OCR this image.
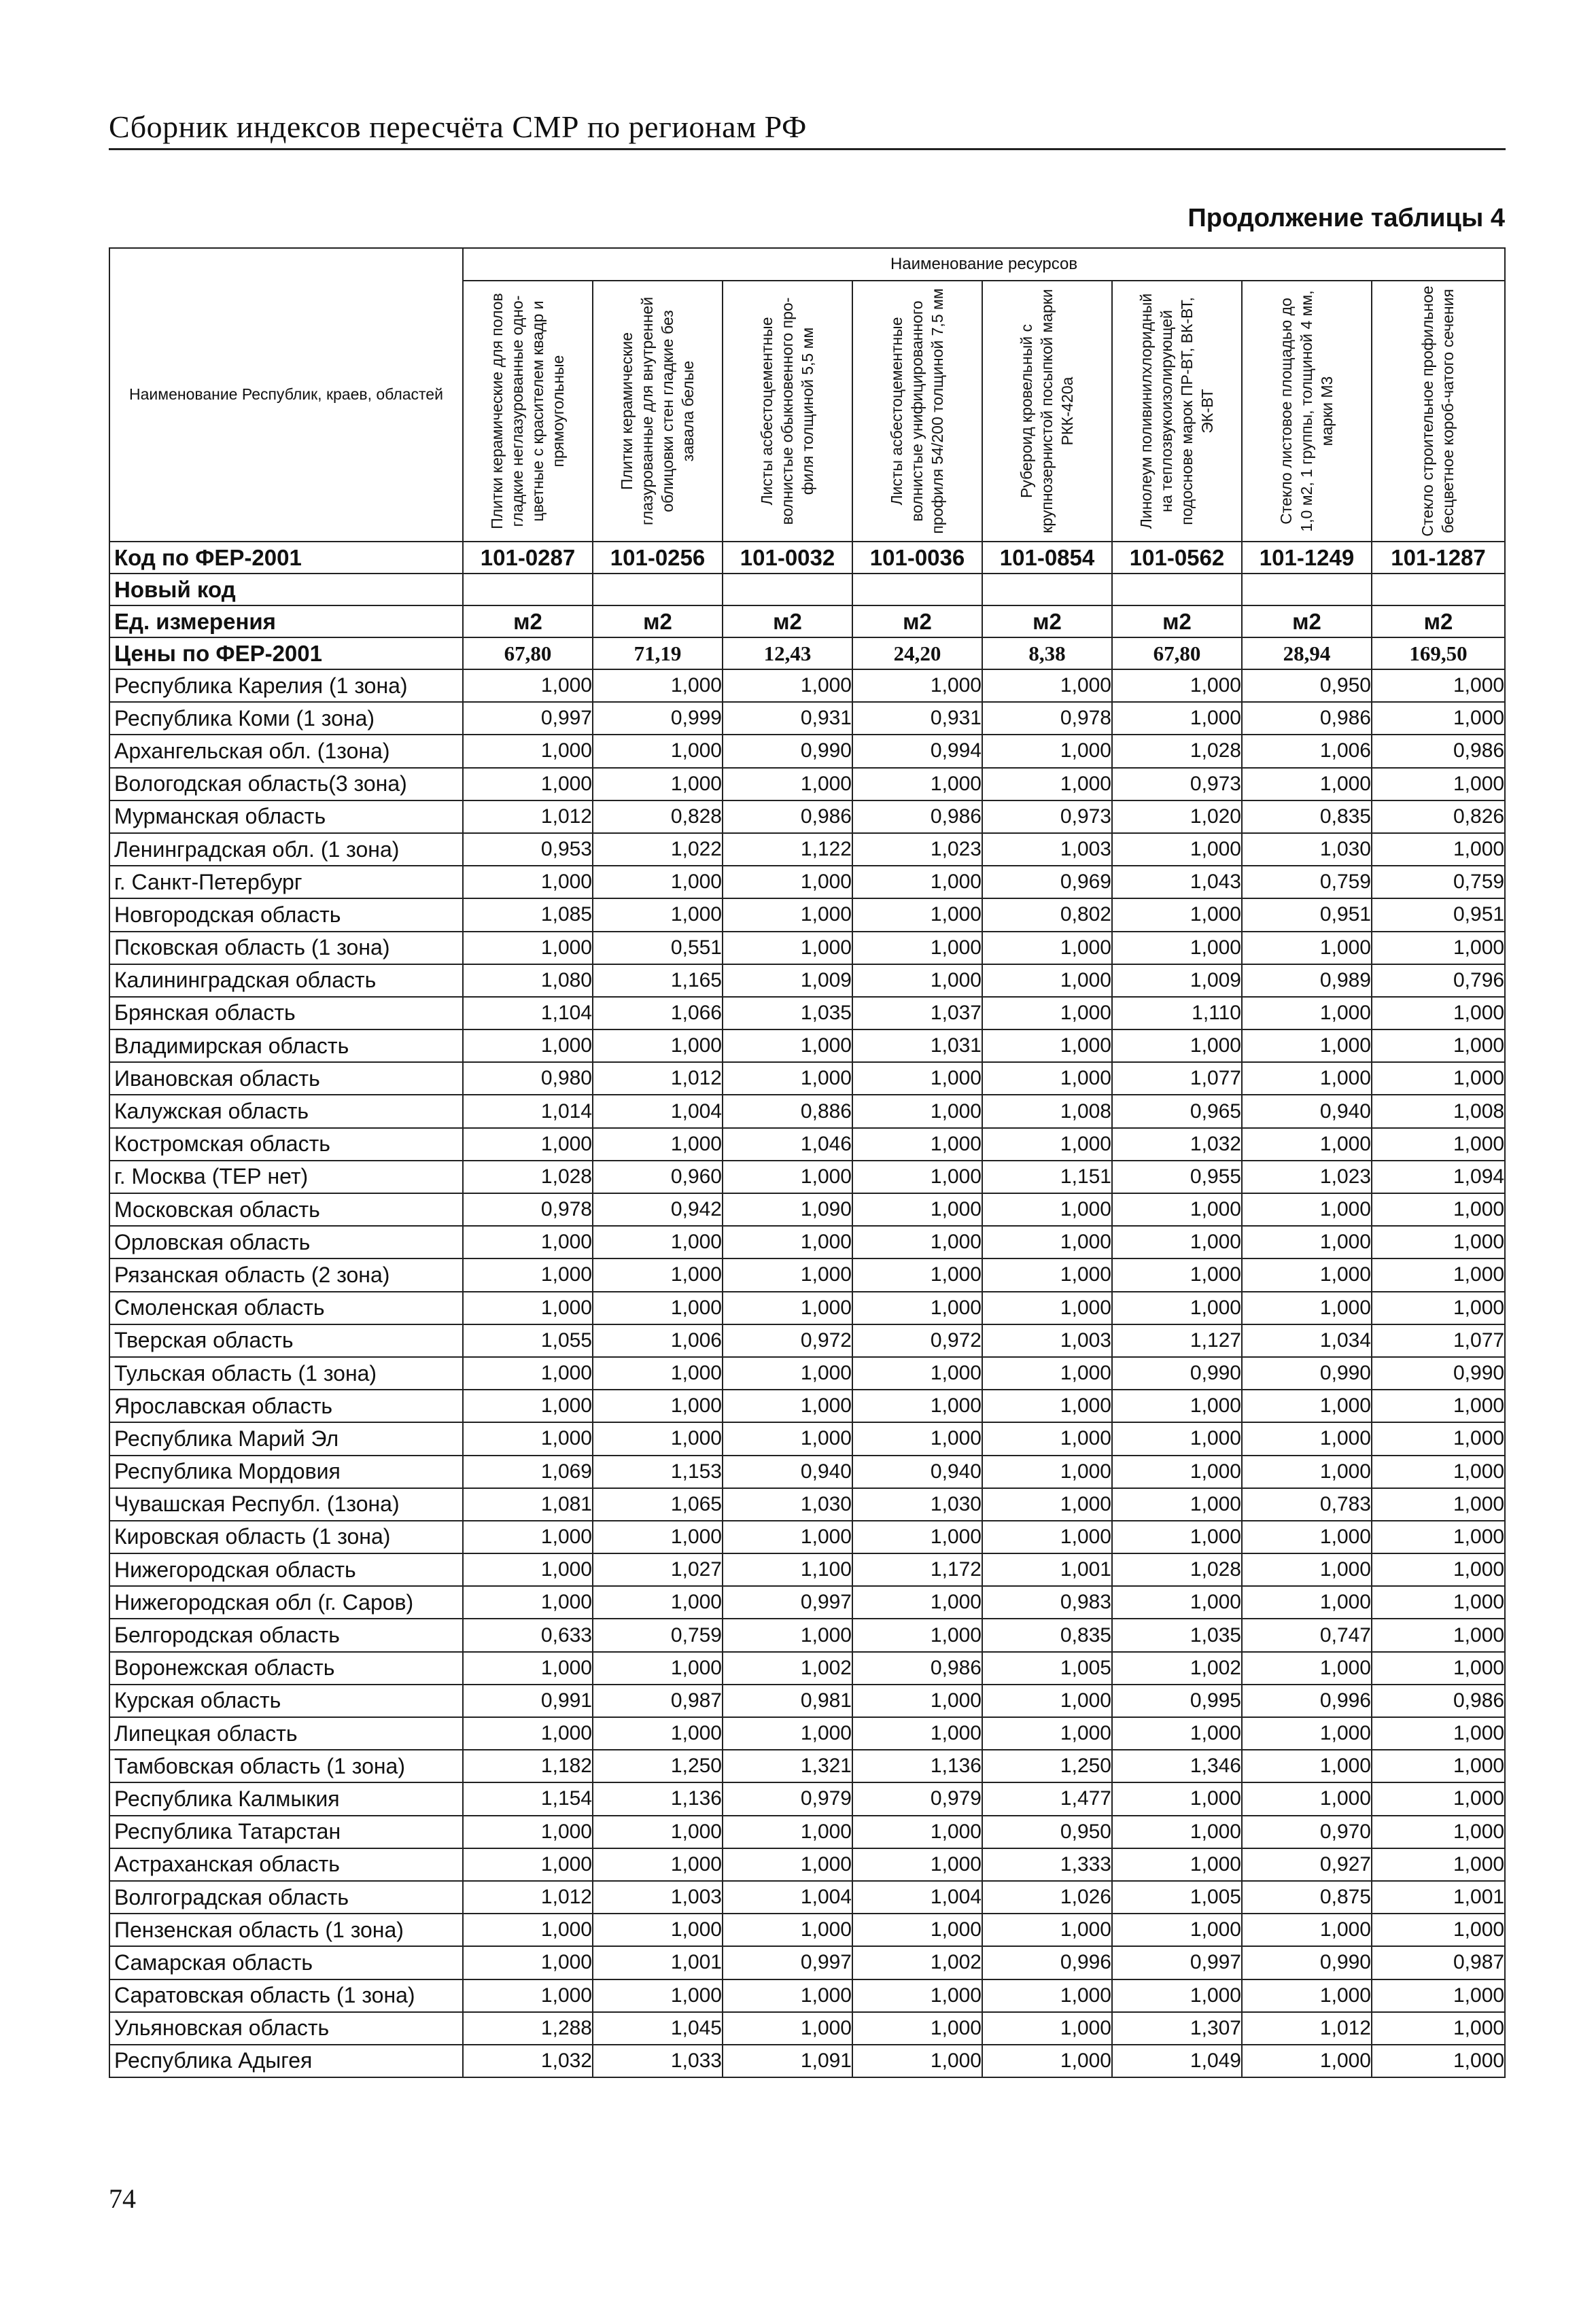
Сборник индексов пересчёта СМР по регионам РФ
Продолжение таблицы 4
Наименование Республик, краев, областей	Наименование ресурсов							

	Плитки керамические для полов гладкие неглазурованные одно-цветные с красителем квадр и прямоугольные	Плитки керамические глазурованные для внутренней облицовки стен гладкие без завала белые	Листы асбестоцементные волнистые обыкновенного про-филя толщиной 5,5 мм	Листы асбестоцементные волнистые унифицированного профиля 54/200 толщиной 7,5 мм	Рубероид кровельный с крупнозернистой посыпкой марки РКК-420а	Линолеум поливинилхлоридный на теплозвукоизолирующей подоснове марок ПР-ВТ, ВК-ВТ, ЭК-ВТ	Стекло листовое площадью до 1,0 м2, 1 группы, толщиной 4 мм, марки М3	Стекло строительное профильное бесцветное короб-чатого сечения

Код по ФЕР-2001	101-0287	101-0256	101-0032	101-0036	101-0854	101-0562	101-1249	101-1287
Новый код								
Ед. измерения	м2	м2	м2	м2	м2	м2	м2	м2
Цены по ФЕР-2001	67,80	71,19	12,43	24,20	8,38	67,80	28,94	169,50
Республика Карелия (1 зона)	1,000	1,000	1,000	1,000	1,000	1,000	0,950	1,000
Республика Коми (1 зона)	0,997	0,999	0,931	0,931	0,978	1,000	0,986	1,000
Архангельская обл. (1зона)	1,000	1,000	0,990	0,994	1,000	1,028	1,006	0,986
Вологодская область(3 зона)	1,000	1,000	1,000	1,000	1,000	0,973	1,000	1,000
Мурманская область	1,012	0,828	0,986	0,986	0,973	1,020	0,835	0,826
Ленинградская обл. (1 зона)	0,953	1,022	1,122	1,023	1,003	1,000	1,030	1,000
г. Санкт-Петербург	1,000	1,000	1,000	1,000	0,969	1,043	0,759	0,759
Новгородская область	1,085	1,000	1,000	1,000	0,802	1,000	0,951	0,951
Псковская область (1 зона)	1,000	0,551	1,000	1,000	1,000	1,000	1,000	1,000
Калининградская область	1,080	1,165	1,009	1,000	1,000	1,009	0,989	0,796
Брянская область	1,104	1,066	1,035	1,037	1,000	1,110	1,000	1,000
Владимирская область	1,000	1,000	1,000	1,031	1,000	1,000	1,000	1,000
Ивановская область	0,980	1,012	1,000	1,000	1,000	1,077	1,000	1,000
Калужская область	1,014	1,004	0,886	1,000	1,008	0,965	0,940	1,008
Костромская область	1,000	1,000	1,046	1,000	1,000	1,032	1,000	1,000
г. Москва (ТЕР нет)	1,028	0,960	1,000	1,000	1,151	0,955	1,023	1,094
Московская область	0,978	0,942	1,090	1,000	1,000	1,000	1,000	1,000
Орловская область	1,000	1,000	1,000	1,000	1,000	1,000	1,000	1,000
Рязанская область (2 зона)	1,000	1,000	1,000	1,000	1,000	1,000	1,000	1,000
Смоленская область	1,000	1,000	1,000	1,000	1,000	1,000	1,000	1,000
Тверская область	1,055	1,006	0,972	0,972	1,003	1,127	1,034	1,077
Тульская область (1 зона)	1,000	1,000	1,000	1,000	1,000	0,990	0,990	0,990
Ярославская область	1,000	1,000	1,000	1,000	1,000	1,000	1,000	1,000
Республика Марий Эл	1,000	1,000	1,000	1,000	1,000	1,000	1,000	1,000
Республика Мордовия	1,069	1,153	0,940	0,940	1,000	1,000	1,000	1,000
Чувашская Республ. (1зона)	1,081	1,065	1,030	1,030	1,000	1,000	0,783	1,000
Кировская область (1 зона)	1,000	1,000	1,000	1,000	1,000	1,000	1,000	1,000
Нижегородская область	1,000	1,027	1,100	1,172	1,001	1,028	1,000	1,000
Нижегородская обл (г. Саров)	1,000	1,000	0,997	1,000	0,983	1,000	1,000	1,000
Белгородская область	0,633	0,759	1,000	1,000	0,835	1,035	0,747	1,000
Воронежская область	1,000	1,000	1,002	0,986	1,005	1,002	1,000	1,000
Курская область	0,991	0,987	0,981	1,000	1,000	0,995	0,996	0,986
Липецкая область	1,000	1,000	1,000	1,000	1,000	1,000	1,000	1,000
Тамбовская область (1 зона)	1,182	1,250	1,321	1,136	1,250	1,346	1,000	1,000
Республика Калмыкия	1,154	1,136	0,979	0,979	1,477	1,000	1,000	1,000
Республика Татарстан	1,000	1,000	1,000	1,000	0,950	1,000	0,970	1,000
Астраханская область	1,000	1,000	1,000	1,000	1,333	1,000	0,927	1,000
Волгоградская область	1,012	1,003	1,004	1,004	1,026	1,005	0,875	1,001
Пензенская область (1 зона)	1,000	1,000	1,000	1,000	1,000	1,000	1,000	1,000
Самарская область	1,000	1,001	0,997	1,002	0,996	0,997	0,990	0,987
Саратовская область (1 зона)	1,000	1,000	1,000	1,000	1,000	1,000	1,000	1,000
Ульяновская область	1,288	1,045	1,000	1,000	1,000	1,307	1,012	1,000
Республика Адыгея	1,032	1,033	1,091	1,000	1,000	1,049	1,000	1,000
74
